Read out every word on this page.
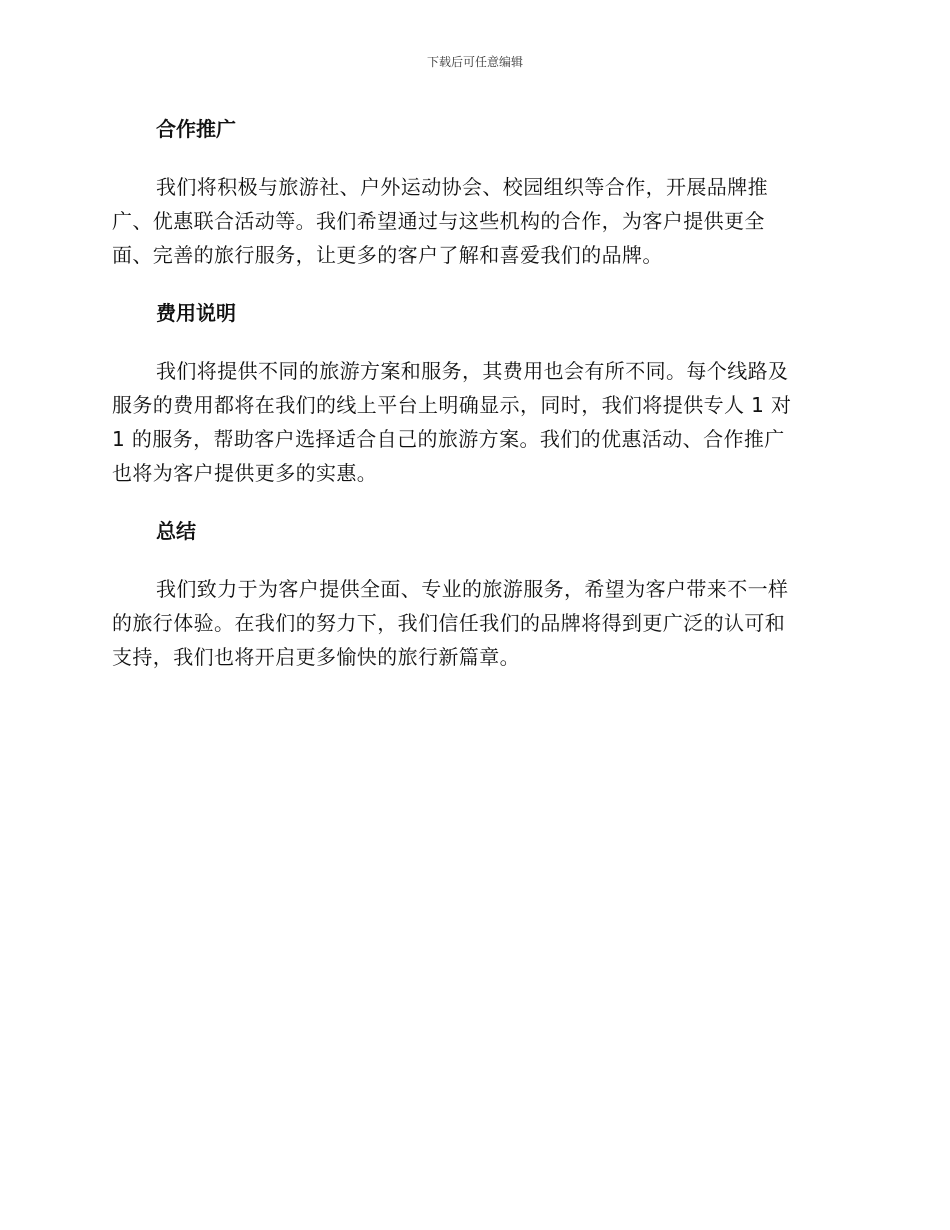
下载后可任意编辑
合作推广
我们将积极与旅游社、户外运动协会、校园组织等合作，开展品牌推
广、优惠联合活动等。我们希望通过与这些机构的合作，为客户提供更全
面、完善的旅行服务，让更多的客户了解和喜爱我们的品牌。
费用说明
我们将提供不同的旅游方案和服务，其费用也会有所不同。每个线路及
服务的费用都将在我们的线上平台上明确显示，同时，我们将提供专人 1 对
1 的服务，帮助客户选择适合自己的旅游方案。我们的优惠活动、合作推广
也将为客户提供更多的实惠。
总结
我们致力于为客户提供全面、专业的旅游服务，希望为客户带来不一样
的旅行体验。在我们的努力下，我们信任我们的品牌将得到更广泛的认可和
支持，我们也将开启更多愉快的旅行新篇章。
